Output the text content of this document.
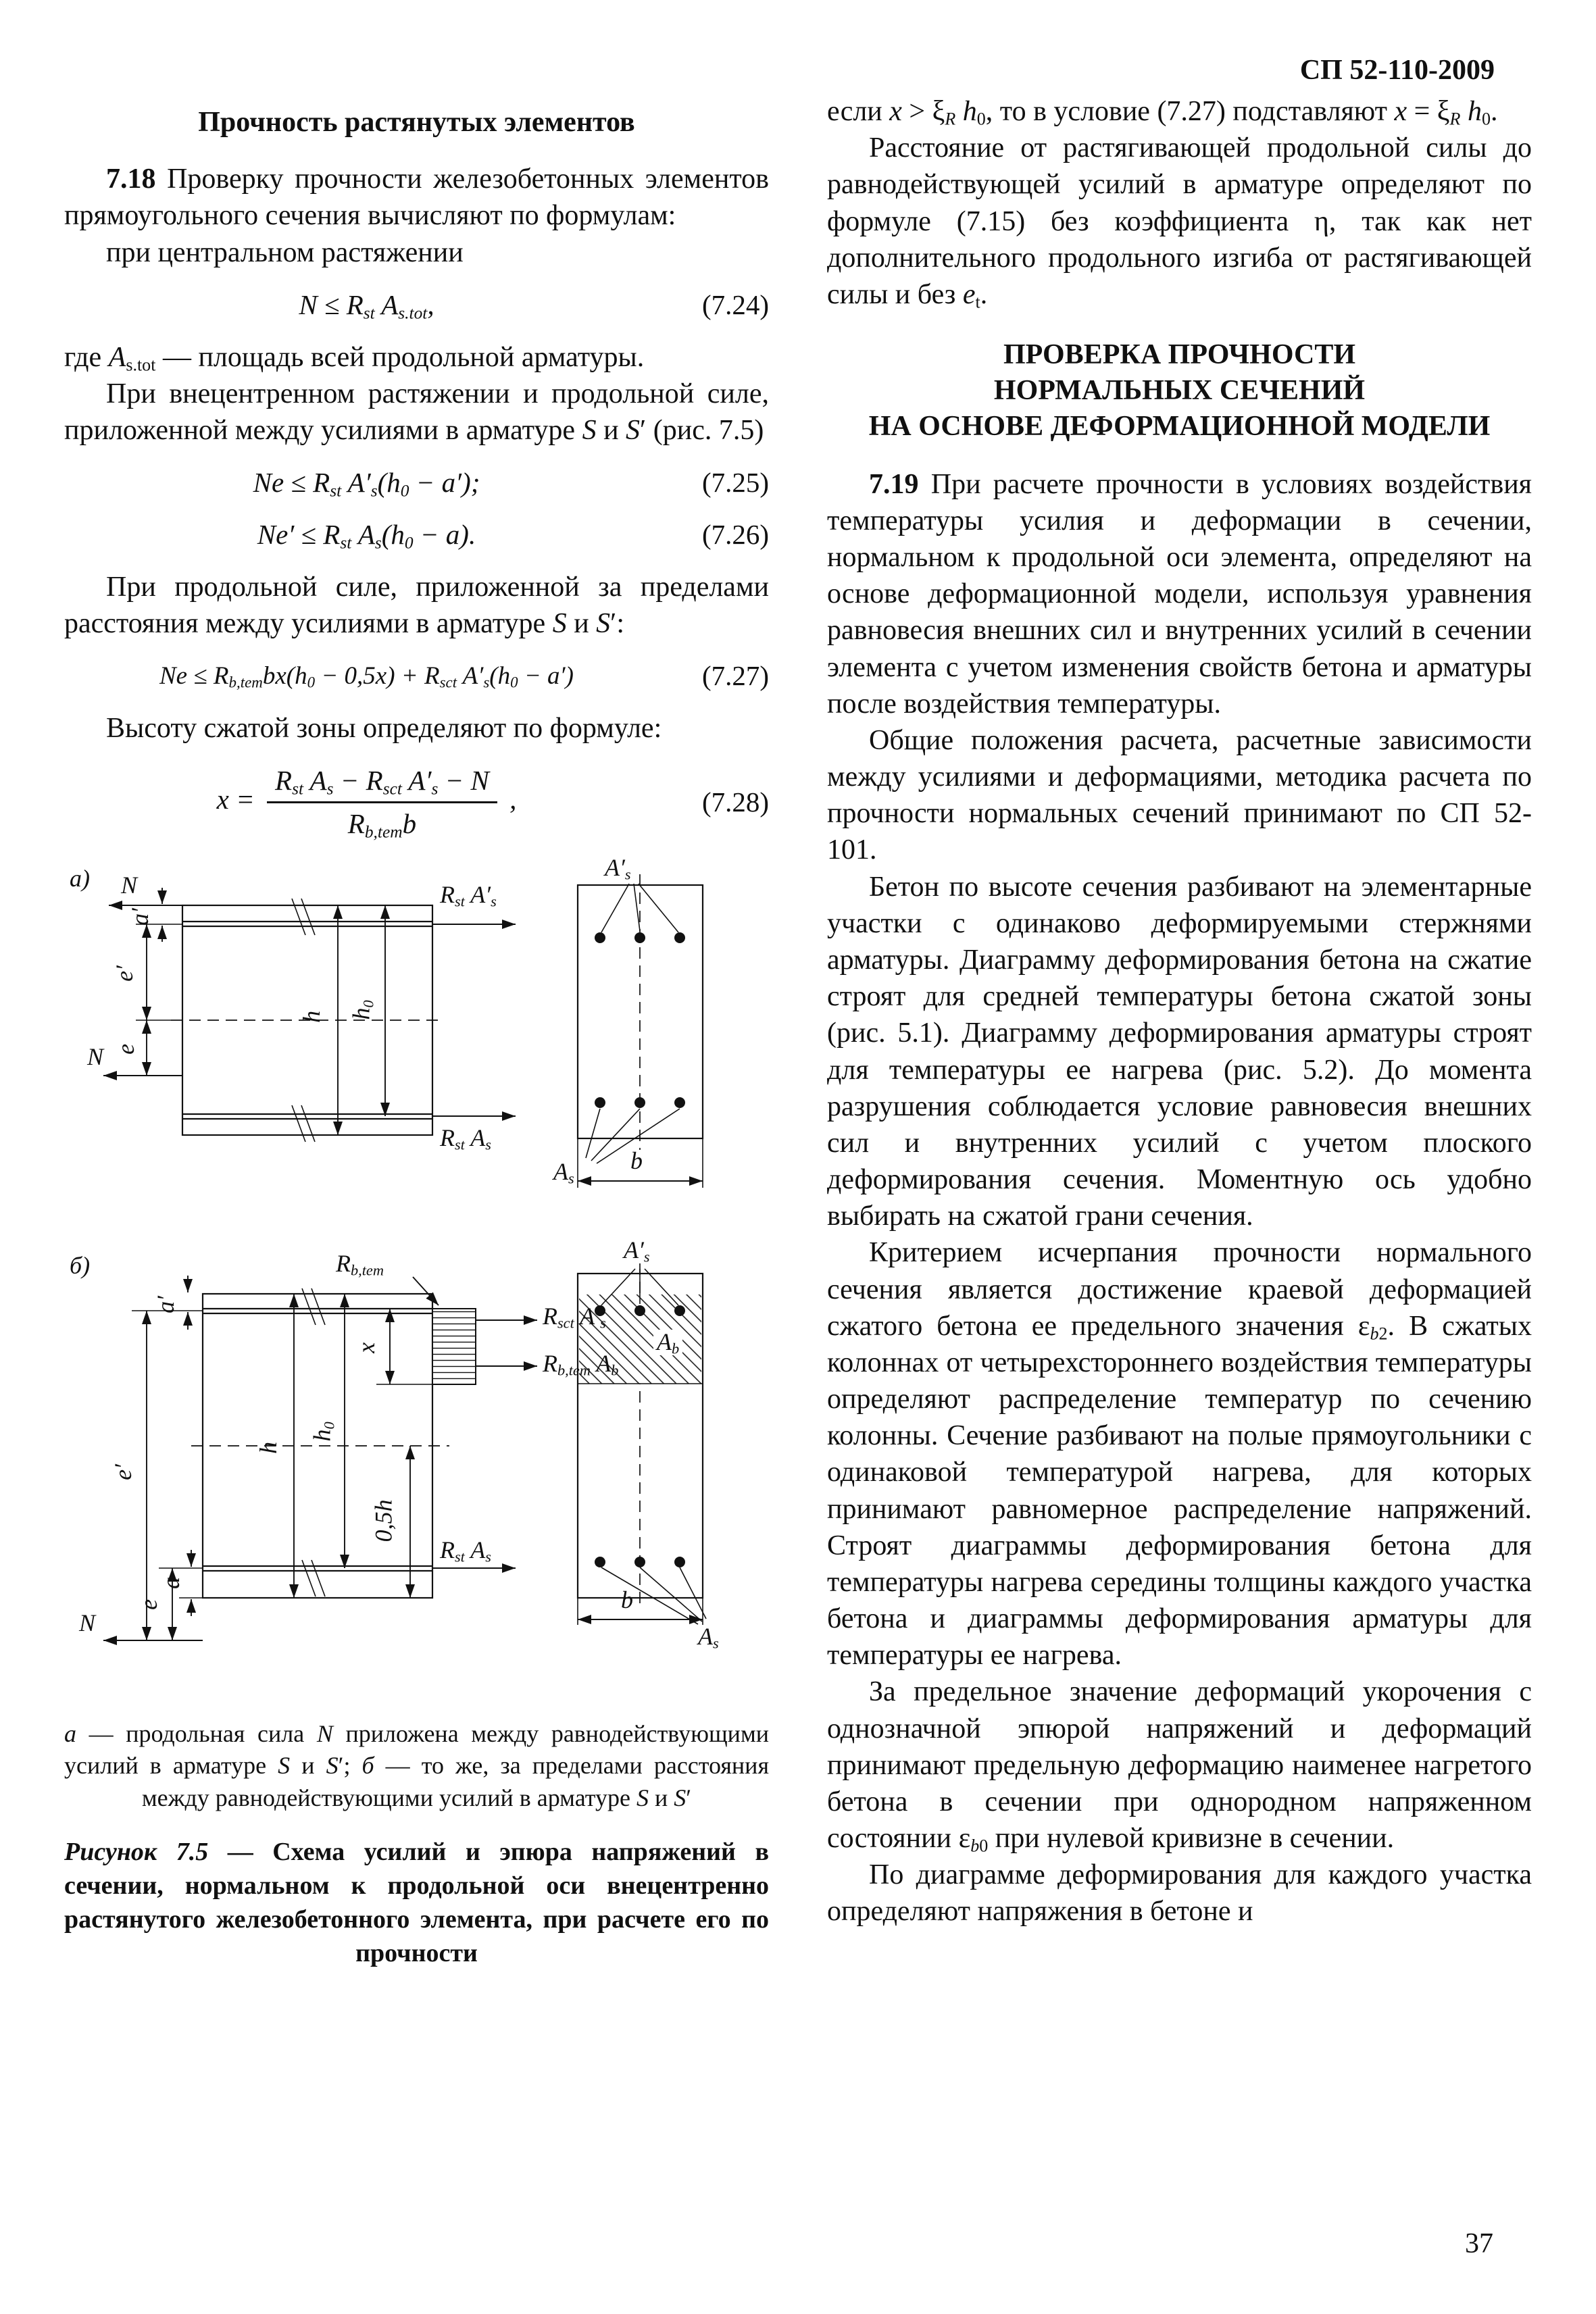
СП 52-110-2009
Прочность растянутых элементов

7.18 Проверку прочности железобетонных элементов прямоугольного сечения вычисляют по формулам:

при центральном растяжении

$N \le R_{st}$ $A_{s.tot}$,	(7.24)

где $A_{s.tot}$ — площадь всей продольной арматуры.

При внецентренном растяжении и продольной силе, приложенной между усилиями в арматуре S и S′ (рис. 7.5)

$Ne \le R_{st}$ $A'_s(h_0 - a')$;	(7.25)
$Ne' \le R_{st}$ $A_s(h_0 - a)$.	(7.26)

При продольной силе, приложенной за пределами расстояния между усилиями в арматуре S и S′:

$Ne \le R_{b,tem}bx(h_0 - 0,5x) + R_{sct}$ $A'_s(h_0 - a')$	(7.27)

Высоту сжатой зоны определяют по формуле:

$x = \frac{R_{st} A_s - R_{sct} A'_s - N}{R_{b,tem}b}$ ,	(7.28)
а) N
a′
e′
e
N
h $h_0$
$R_{st}$ $A'_s$
$R_{st}$ $A_s$
$A'_s$
$A_s$
b
б)
a′
$R_{b,tem}$
$R_{sct}$ $A'_s$
$R_{b,tem}$ $A_b$
x
h
$h_0$
0,5h
e′
e
a
$R_{st}$ $A_s$
N
$A'_s$
$A_b$
$A_s$
b
а — продольная сила N приложена между равнодействующими усилий в арматуре S и S′; б — то же, за пределами расстояния между равнодействующими усилий в арматуре S и S′
Рисунок 7.5 — Схема усилий и эпюра напряжений в сечении, нормальном к продольной оси внецентренно растянутого железобетонного элемента, при расчете его по прочности

если $x > \xi_R$ $h_0$, то в условие (7.27) подставляют $x = \xi_R$ $h_0$.

Расстояние от растягивающей продольной силы до равнодействующей усилий в арматуре определяют по формуле (7.15) без коэффициента η, так как нет дополнительного продольного изгиба от растягивающей силы и без $e_t$.

ПРОВЕРКА ПРОЧНОСТИ
НОРМАЛЬНЫХ СЕЧЕНИЙ
НА ОСНОВЕ ДЕФОРМАЦИОННОЙ МОДЕЛИ

7.19 При расчете прочности в условиях воздействия температуры усилия и деформации в сечении, нормальном к продольной оси элемента, определяют на основе деформационной модели, используя уравнения равновесия внешних сил и внутренних усилий в сечении элемента с учетом изменения свойств бетона и арматуры после воздействия температуры.

Общие положения расчета, расчетные зависимости между усилиями и деформациями, методика расчета по прочности нормальных сечений принимают по СП 52-101.

Бетон по высоте сечения разбивают на элементарные участки с одинаково деформируемыми стержнями арматуры. Диаграмму деформирования бетона на сжатие строят для средней температуры бетона сжатой зоны (рис. 5.1). Диаграмму деформирования арматуры строят для температуры ее нагрева (рис. 5.2). До момента разрушения соблюдается условие равновесия внешних сил и внутренних усилий с учетом плоского деформирования сечения. Моментную ось удобно выбирать на сжатой грани сечения.

Критерием исчерпания прочности нормального сечения является достижение краевой деформацией сжатого бетона ее предельного значения $\varepsilon_{b2}$. В сжатых колоннах от четырехстороннего воздействия температуры определяют распределение температур по сечению колонны. Сечение разбивают на полые прямоугольники с одинаковой температурой нагрева, для которых принимают равномерное распределение напряжений. Строят диаграммы деформирования бетона для температуры нагрева середины толщины каждого участка бетона и диаграммы деформирования арматуры для температуры ее нагрева.

За предельное значение деформаций укорочения с однозначной эпюрой напряжений и деформаций принимают предельную деформацию наименее нагретого бетона в сечении при однородном напряженном состоянии $\varepsilon_{b0}$ при нулевой кривизне в сечении.

По диаграмме деформирования для каждого участка определяют напряжения в бетоне и

37
